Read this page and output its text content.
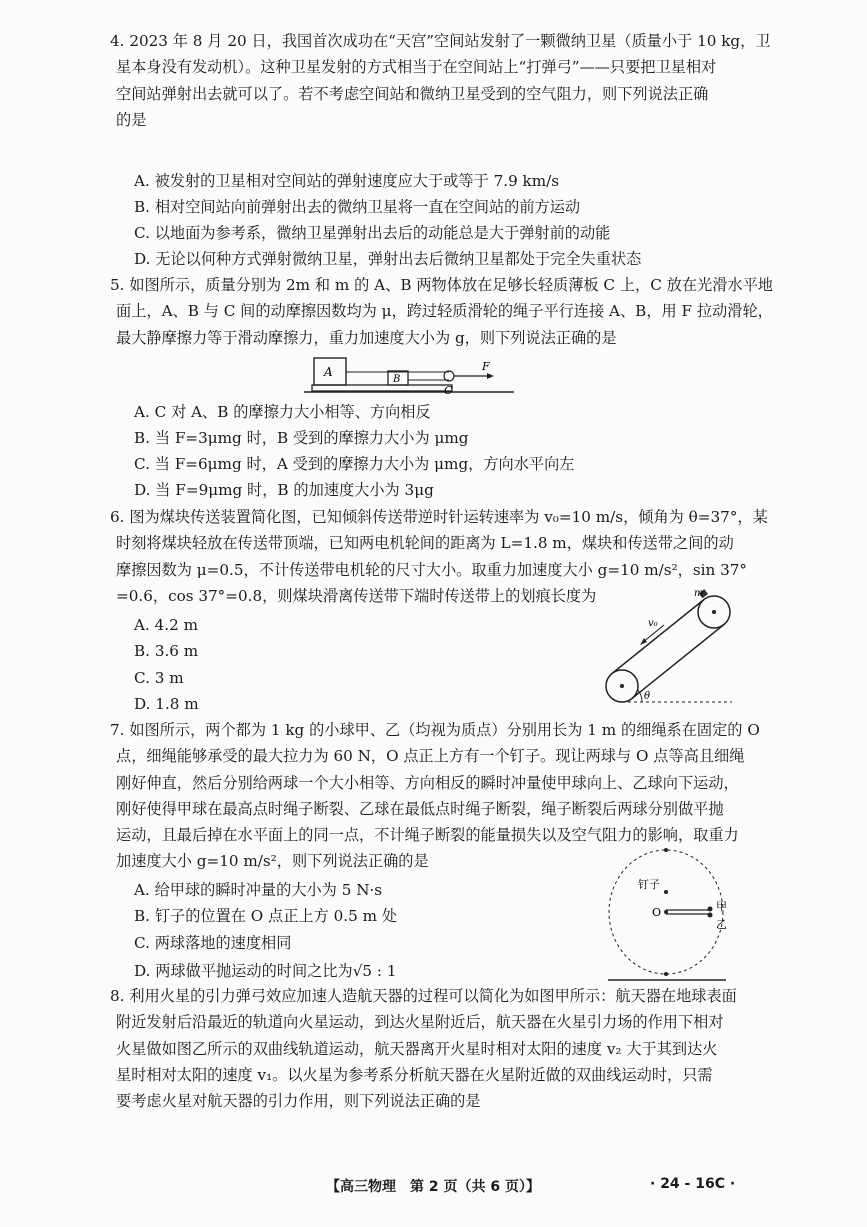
4. 2023 年 8 月 20 日，我国首次成功在“天宫”空间站发射了一颗微纳卫星（质量小于 10 kg，卫
星本身没有发动机）。这种卫星发射的方式相当于在空间站上“打弹弓”——只要把卫星相对
空间站弹射出去就可以了。若不考虑空间站和微纳卫星受到的空气阻力，则下列说法正确
的是
A. 被发射的卫星相对空间站的弹射速度应大于或等于 7.9 km/s
B. 相对空间站向前弹射出去的微纳卫星将一直在空间站的前方运动
C. 以地面为参考系，微纳卫星弹射出去后的动能总是大于弹射前的动能
D. 无论以何种方式弹射微纳卫星，弹射出去后微纳卫星都处于完全失重状态
5. 如图所示，质量分别为 2m 和 m 的 A、B 两物体放在足够长轻质薄板 C 上，C 放在光滑水平地
面上，A、B 与 C 间的动摩擦因数均为 μ，跨过轻质滑轮的绳子平行连接 A、B，用 F 拉动滑轮，
最大静摩擦力等于滑动摩擦力，重力加速度大小为 g，则下列说法正确的是
A
B
C
F
A. C 对 A、B 的摩擦力大小相等、方向相反
B. 当 F=3μmg 时，B 受到的摩擦力大小为 μmg
C. 当 F=6μmg 时，A 受到的摩擦力大小为 μmg，方向水平向左
D. 当 F=9μmg 时，B 的加速度大小为 3μg
6. 图为煤块传送装置简化图，已知倾斜传送带逆时针运转速率为 v₀=10 m/s，倾角为 θ=37°，某
时刻将煤块轻放在传送带顶端，已知两电机轮间的距离为 L=1.8 m，煤块和传送带之间的动
摩擦因数为 μ=0.5，不计传送带电机轮的尺寸大小。取重力加速度大小 g=10 m/s²，sin 37°
=0.6，cos 37°=0.8，则煤块滑离传送带下端时传送带上的划痕长度为
A. 4.2 m
B. 3.6 m
C. 3 m
D. 1.8 m
m
v₀
θ
7. 如图所示，两个都为 1 kg 的小球甲、乙（均视为质点）分别用长为 1 m 的细绳系在固定的 O
点，细绳能够承受的最大拉力为 60 N，O 点正上方有一个钉子。现让两球与 O 点等高且细绳
刚好伸直，然后分别给两球一个大小相等、方向相反的瞬时冲量使甲球向上、乙球向下运动，
刚好使得甲球在最高点时绳子断裂、乙球在最低点时绳子断裂，绳子断裂后两球分别做平抛
运动，且最后掉在水平面上的同一点，不计绳子断裂的能量损失以及空气阻力的影响，取重力
加速度大小 g=10 m/s²，则下列说法正确的是
A. 给甲球的瞬时冲量的大小为 5 N·s
B. 钉子的位置在 O 点正上方 0.5 m 处
C. 两球落地的速度相同
D. 两球做平抛运动的时间之比为√5 : 1
钉子
O	甲
乙
8. 利用火星的引力弹弓效应加速人造航天器的过程可以简化为如图甲所示：航天器在地球表面
附近发射后沿最近的轨道向火星运动，到达火星附近后，航天器在火星引力场的作用下相对
火星做如图乙所示的双曲线轨道运动，航天器离开火星时相对太阳的速度 v₂ 大于其到达火
星时相对太阳的速度 v₁。以火星为参考系分析航天器在火星附近做的双曲线运动时，只需
要考虑火星对航天器的引力作用，则下列说法正确的是
【高三物理　第 2 页（共 6 页）】	· 24 - 16C ·
